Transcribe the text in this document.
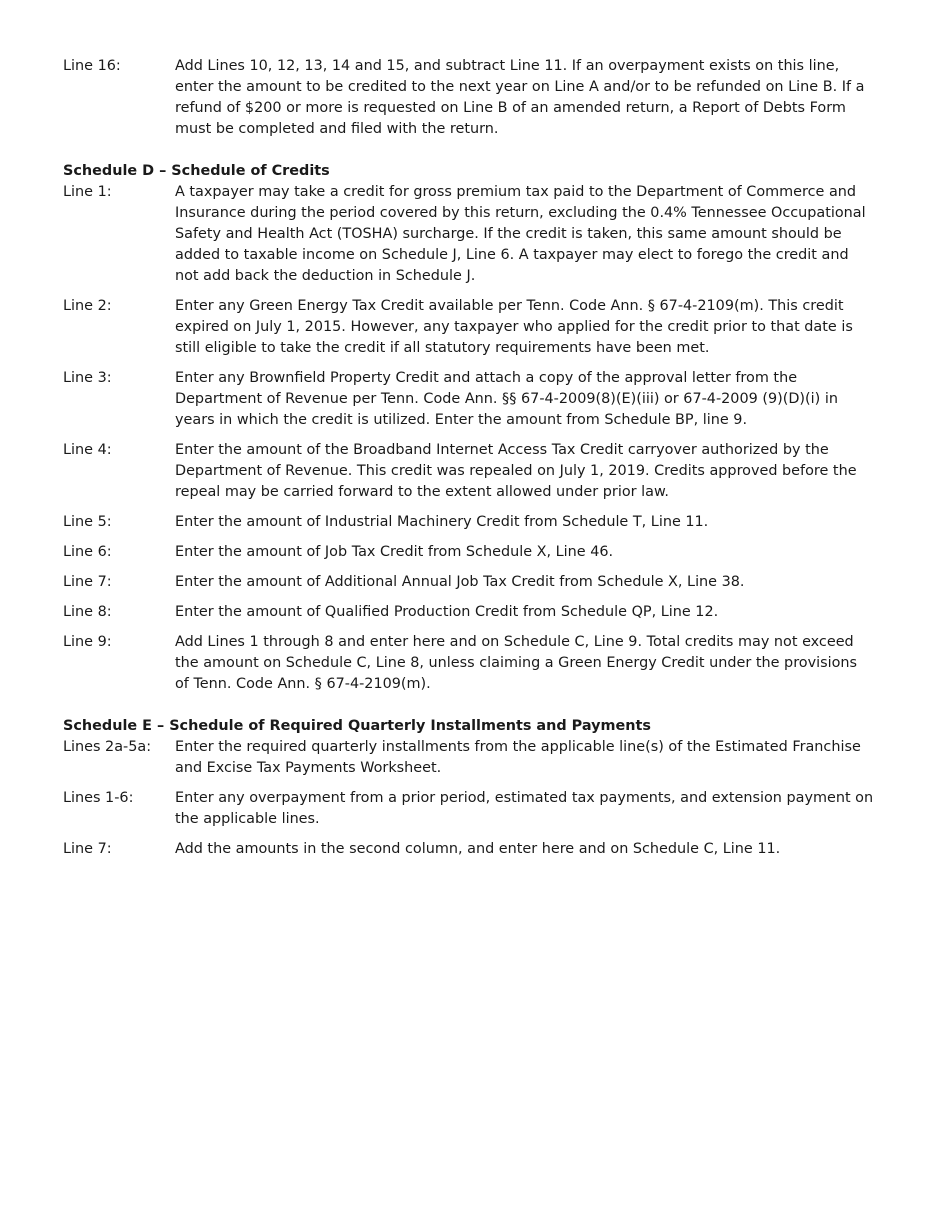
Line 16:	Add Lines 10, 12, 13, 14 and 15, and subtract Line 11. If an overpayment exists on this line, enter the amount to be credited to the next year on Line A and/or to be refunded on Line B. If a refund of $200 or more is requested on Line B of an amended return, a Report of Debts Form must be completed and filed with the return.
Schedule D – Schedule of Credits
Line 1:	A taxpayer may take a credit for gross premium tax paid to the Department of Commerce and Insurance during the period covered by this return, excluding the 0.4% Tennessee Occupational Safety and Health Act (TOSHA) surcharge. If the credit is taken, this same amount should be added to taxable income on Schedule J, Line 6. A taxpayer may elect to forego the credit and not add back the deduction in Schedule J.
Line 2:	Enter any Green Energy Tax Credit available per Tenn. Code Ann. § 67-4-2109(m). This credit expired on July 1, 2015. However, any taxpayer who applied for the credit prior to that date is still eligible to take the credit if all statutory requirements have been met.
Line 3:	Enter any Brownfield Property Credit and attach a copy of the approval letter from the Department of Revenue per Tenn. Code Ann. §§ 67-4-2009(8)(E)(iii) or 67-4-2009 (9)(D)(i) in years in which the credit is utilized. Enter the amount from Schedule BP, line 9.
Line 4:	Enter the amount of the Broadband Internet Access Tax Credit carryover authorized by the Department of Revenue. This credit was repealed on July 1, 2019. Credits approved before the repeal may be carried forward to the extent allowed under prior law.
Line 5:	Enter the amount of Industrial Machinery Credit from Schedule T, Line 11.
Line 6:	Enter the amount of Job Tax Credit from Schedule X, Line 46.
Line 7:	Enter the amount of Additional Annual Job Tax Credit from Schedule X, Line 38.
Line 8:	Enter the amount of Qualified Production Credit from Schedule QP, Line 12.
Line 9:	Add Lines 1 through 8 and enter here and on Schedule C, Line 9. Total credits may not exceed the amount on Schedule C, Line 8, unless claiming a Green Energy Credit under the provisions of Tenn. Code Ann. § 67-4-2109(m).
Schedule E – Schedule of Required Quarterly Installments and Payments
Lines 2a-5a:	Enter the required quarterly installments from the applicable line(s) of the Estimated Franchise and Excise Tax Payments Worksheet.
Lines 1-6:	Enter any overpayment from a prior period, estimated tax payments, and extension payment on the applicable lines.
Line 7:	Add the amounts in the second column, and enter here and on Schedule C, Line 11.
